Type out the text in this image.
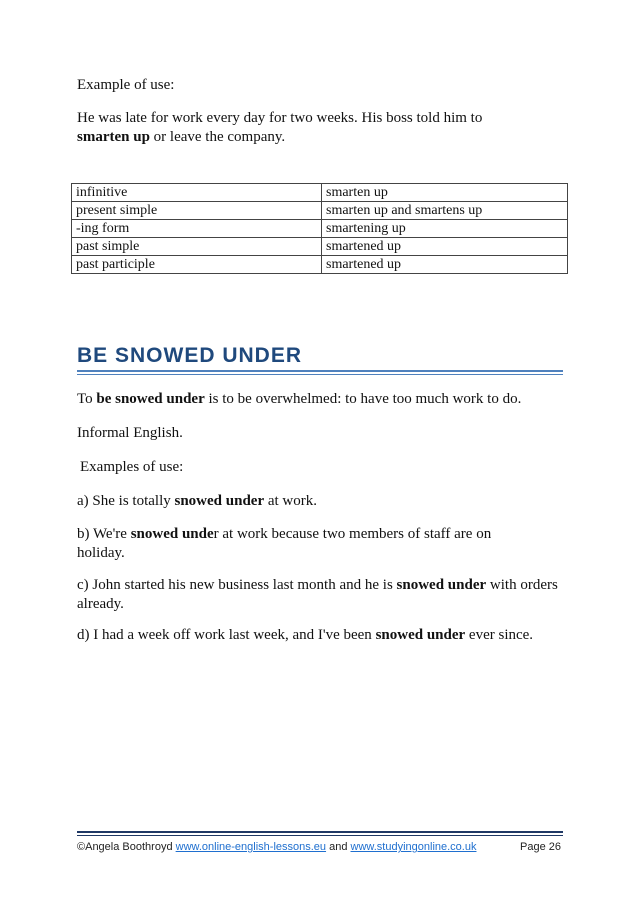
Example of use:

He was late for work every day for two weeks. His boss told him to
smarten up or leave the company.

infinitive	smarten up
present simple	smarten up and smartens up
-ing form	smartening up
past simple	smartened up
past participle	smartened up
BE SNOWED UNDER

To be snowed under is to be overwhelmed: to have too much work to do.

Informal English.

Examples of use:

a) She is totally snowed under at work.

b) We're snowed under at work because two members of staff are on holiday.

c) John started his new business last month and he is snowed under with orders already.

d) I had a week off work last week, and I've been snowed under ever since.

©Angela Boothroyd www.online-english-lessons.eu and www.studyingonline.co.uk	Page 26
